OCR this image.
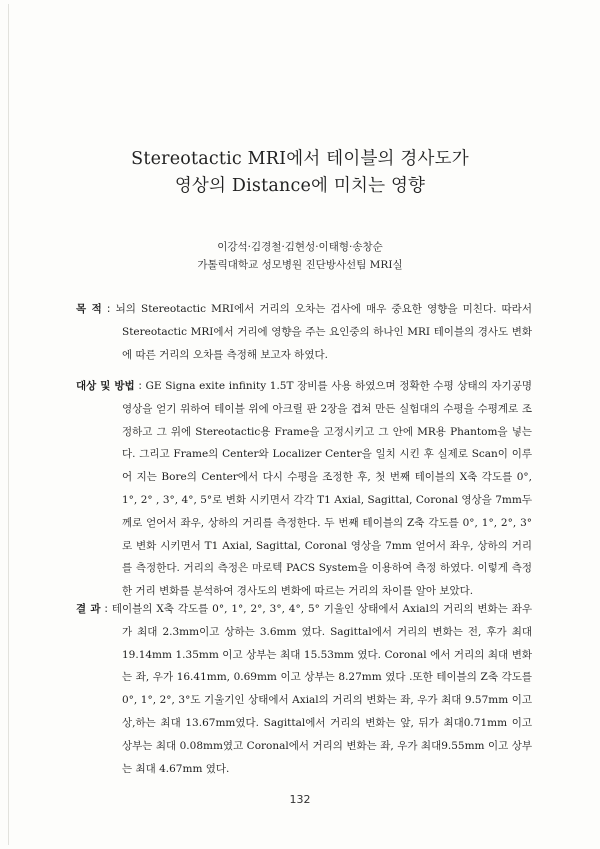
Stereotactic MRI에서 테이블의 경사도가
영상의 Distance에 미치는 영향
이강석·김경철·김현성·이태형·송창순
가톨릭대학교 성모병원 진단방사선팀 MRI실
목 적 : 뇌의 Stereotactic MRI에서 거리의 오차는 검사에 매우 중요한 영향을 미친다. 따라서 Stereotactic MRI에서 거리에 영향을 주는 요인중의 하나인 MRI 테이블의 경사도 변화에 따른 거리의 오차를 측정해 보고자 하였다.
대상 및 방법 : GE Signa exite infinity 1.5T 장비를 사용 하였으며 정확한 수평 상태의 자기공명영상을 얻기 위하여 테이블 위에 아크릴 판 2장을 겹쳐 만든 실험대의 수평을 수평계로 조정하고 그 위에 Stereotactic용 Frame을 고정시키고 그 안에 MR용 Phantom을 넣는다. 그리고 Frame의 Center와 Localizer Center을 일치 시킨 후 실제로 Scan이 이루어 지는 Bore의 Center에서 다시 수평을 조정한 후, 첫 번째 테이블의 X축 각도를 0°, 1°, 2° , 3°, 4°, 5°로 변화 시키면서 각각 T1 Axial, Sagittal, Coronal 영상을 7mm두께로 얻어서 좌우, 상하의 거리를 측정한다. 두 번째 테이블의 Z축 각도를 0°, 1°, 2°, 3°로 변화 시키면서 T1 Axial, Sagittal, Coronal 영상을 7mm 얻어서 좌우, 상하의 거리를 측정한다. 거리의 측정은 마로텍 PACS System을 이용하여 측정 하였다. 이렇게 측정한 거리 변화를 분석하여 경사도의 변화에 따르는 거리의 차이를 알아 보았다.
결 과 : 테이블의 X축 각도를 0°, 1°, 2°, 3°, 4°, 5° 기울인 상태에서 Axial의 거리의 변화는 좌우가 최대 2.3mm이고 상하는 3.6mm 였다. Sagittal에서 거리의 변화는 전, 후가 최대 19.14mm 1.35mm 이고 상부는 최대 15.53mm 였다. Coronal 에서 거리의 최대 변화는 좌, 우가 16.41mm, 0.69mm 이고 상부는 8.27mm 였다 .또한 테이블의 Z축 각도를 0°, 1°, 2°, 3°도 기울기인 상태에서 Axial의 거리의 변화는 좌, 우가 최대 9.57mm 이고 상,하는 최대 13.67mm였다. Sagittal에서 거리의 변화는 앞, 뒤가 최대0.71mm 이고 상부는 최대 0.08mm였고 Coronal에서 거리의 변화는 좌, 우가 최대9.55mm 이고 상부는 최대 4.67mm 였다.
132
